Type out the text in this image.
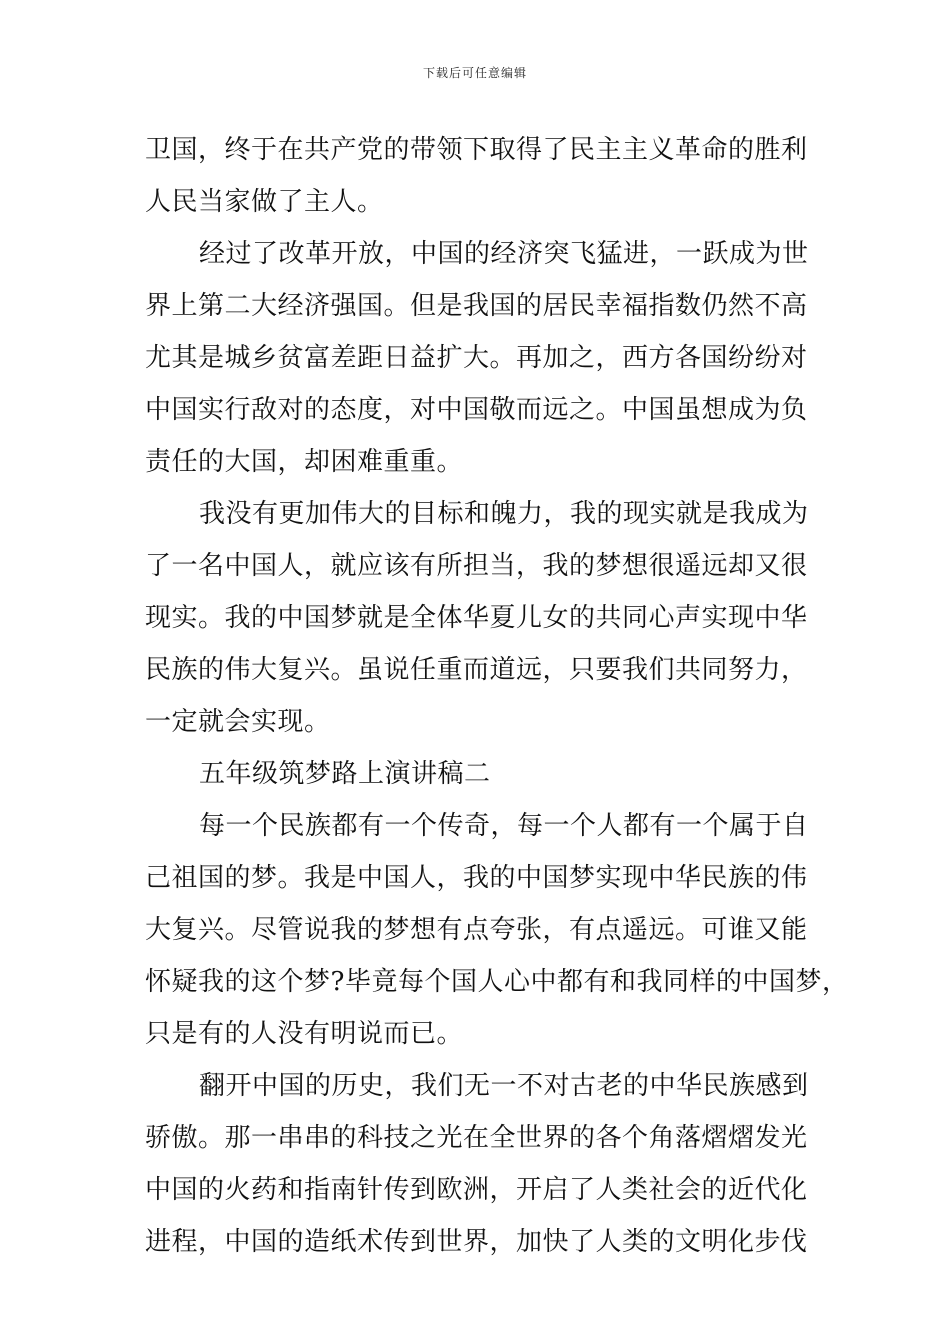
下载后可任意编辑
卫国，终于在共产党的带领下取得了民主主义革命的胜利
人民当家做了主人。
经过了改革开放，中国的经济突飞猛进，一跃成为世
界上第二大经济强国。但是我国的居民幸福指数仍然不高
尤其是城乡贫富差距日益扩大。再加之，西方各国纷纷对
中国实行敌对的态度，对中国敬而远之。中国虽想成为负
责任的大国，却困难重重。
我没有更加伟大的目标和魄力，我的现实就是我成为
了一名中国人，就应该有所担当，我的梦想很遥远却又很
现实。我的中国梦就是全体华夏儿女的共同心声实现中华
民族的伟大复兴。虽说任重而道远，只要我们共同努力，
一定就会实现。
五年级筑梦路上演讲稿二
每一个民族都有一个传奇，每一个人都有一个属于自
己祖国的梦。我是中国人，我的中国梦实现中华民族的伟
大复兴。尽管说我的梦想有点夸张，有点遥远。可谁又能
怀疑我的这个梦?毕竟每个国人心中都有和我同样的中国梦，
只是有的人没有明说而已。
翻开中国的历史，我们无一不对古老的中华民族感到
骄傲。那一串串的科技之光在全世界的各个角落熠熠发光
中国的火药和指南针传到欧洲，开启了人类社会的近代化
进程，中国的造纸术传到世界，加快了人类的文明化步伐
